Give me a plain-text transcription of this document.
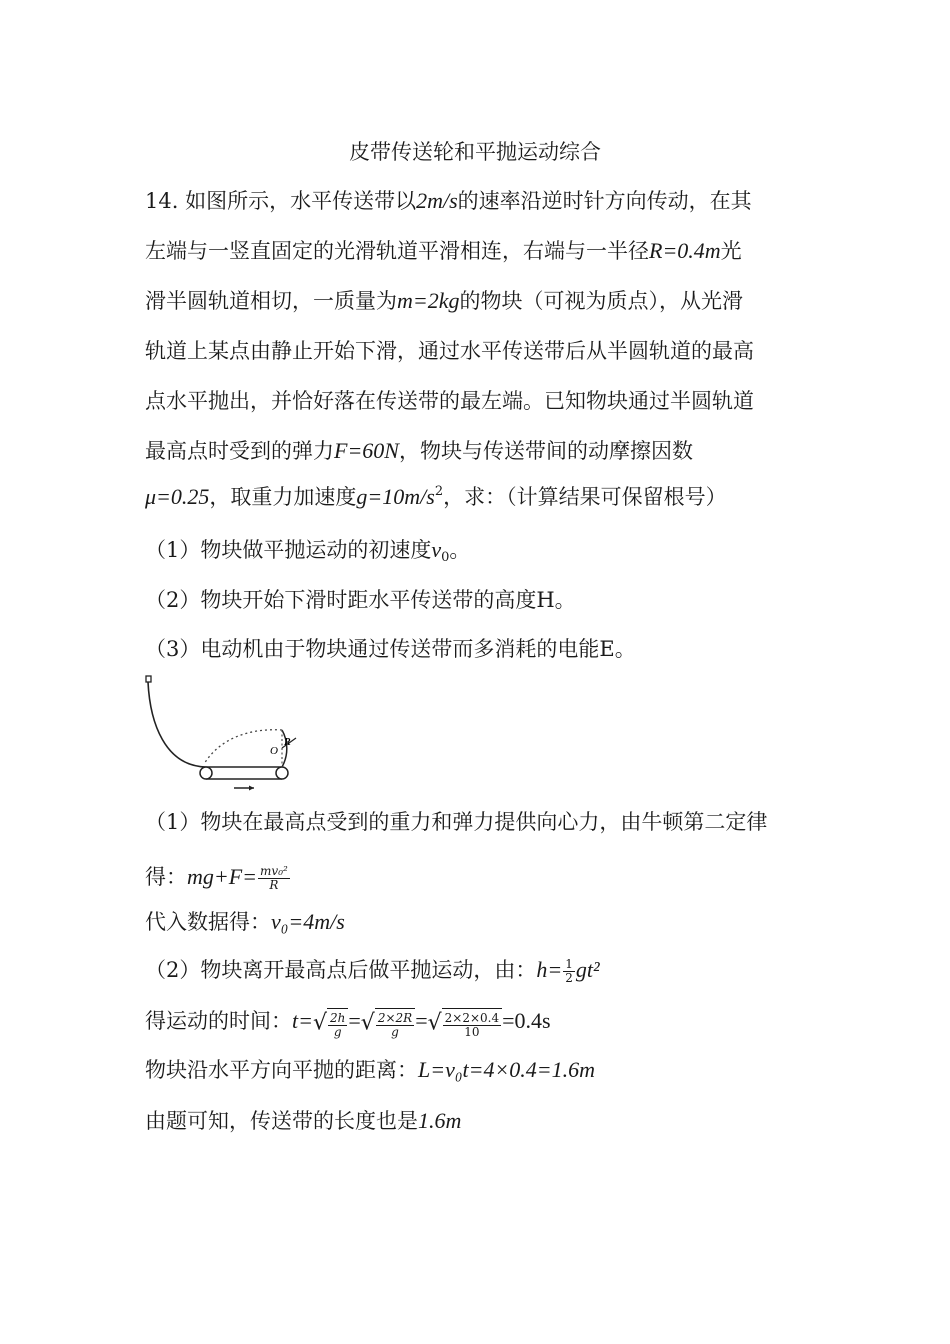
皮带传送轮和平抛运动综合
14. 如图所示，水平传送带以2m/s的速率沿逆时针方向传动，在其
左端与一竖直固定的光滑轨道平滑相连，右端与一半径R=0.4m光
滑半圆轨道相切，一质量为m=2kg的物块（可视为质点），从光滑
轨道上某点由静止开始下滑，通过水平传送带后从半圆轨道的最高
点水平抛出，并恰好落在传送带的最左端。已知物块通过半圆轨道
最高点时受到的弹力F=60N，物块与传送带间的动摩擦因数
μ=0.25，取重力加速度$g=10m/s^2$，求：（计算结果可保留根号）
（1）物块做平抛运动的初速度$v_0$。
（2）物块开始下滑时距水平传送带的高度H。
（3）电动机由于物块通过传送带而多消耗的电能E。
R
O
（1）物块在最高点受到的重力和弹力提供向心力，由牛顿第二定律
得：$mg+F= \frac{\text{mv₀²}}{R}$
代入数据得：v₀=4m/s
（2）物块离开最高点后做平抛运动，由：$h= \frac{1}{2} gt^2$
得运动的时间：$t=√ \frac{2h}{g}$ =√ $\frac{2\times 2R}{g}$ =√ $\frac{2\times 2\times 0.4}{10} =0.4s$
物块沿水平方向平抛的距离：L=v₀t=4×0.4=1.6m
由题可知，传送带的长度也是1.6m
